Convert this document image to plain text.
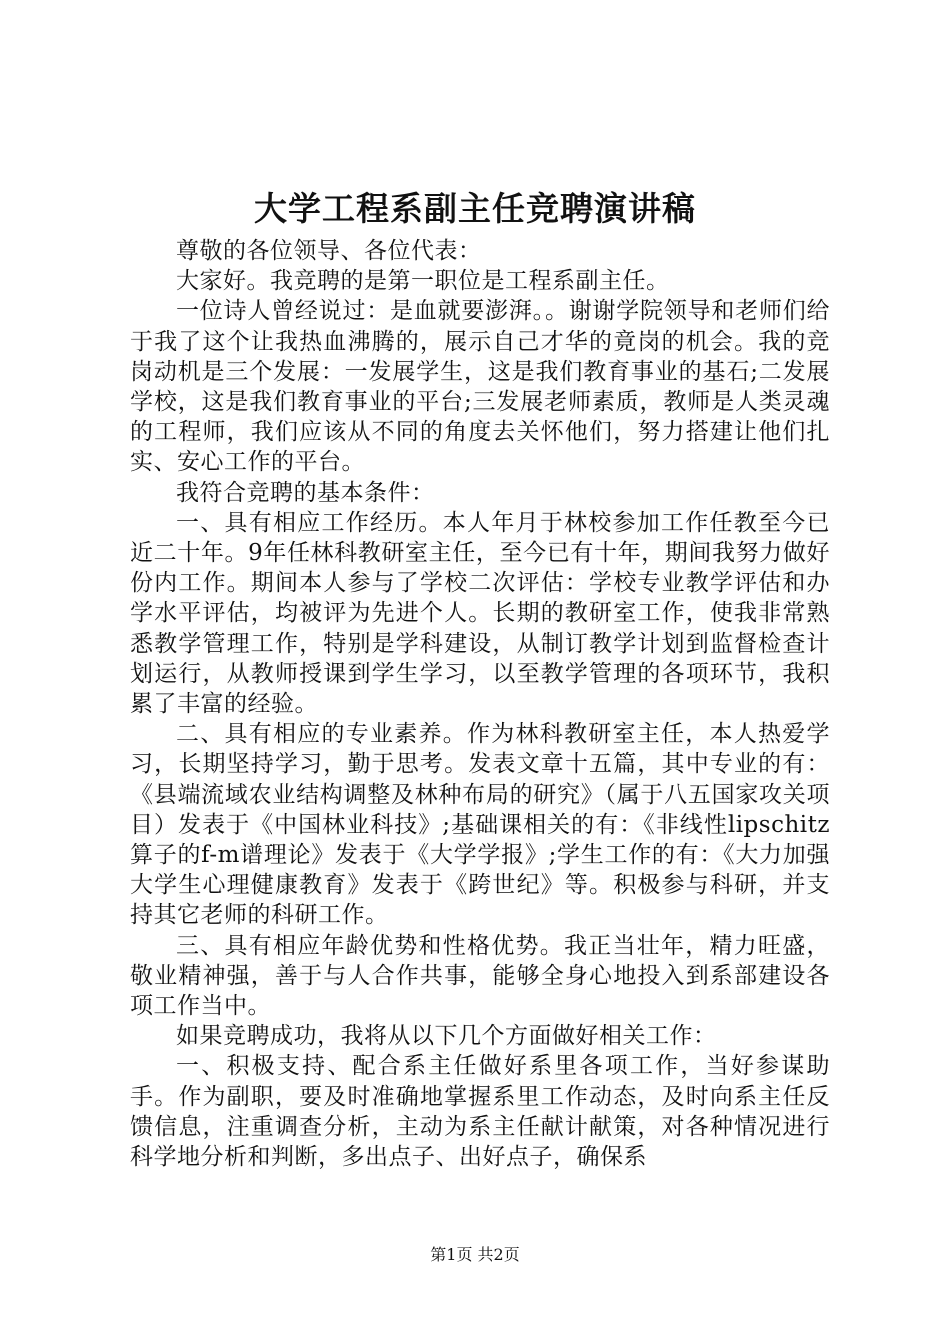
大学工程系副主任竞聘演讲稿

尊敬的各位领导、各位代表：

大家好。我竞聘的是第一职位是工程系副主任。

一位诗人曾经说过：是血就要澎湃。。谢谢学院领导和老师们给于我了这个让我热血沸腾的，展示自己才华的竟岗的机会。我的竞岗动机是三个发展：一发展学生，这是我们教育事业的基石;二发展学校，这是我们教育事业的平台;三发展老师素质，教师是人类灵魂的工程师，我们应该从不同的角度去关怀他们，努力搭建让他们扎实、安心工作的平台。

我符合竞聘的基本条件：

一、具有相应工作经历。本人年月于林校参加工作任教至今已近二十年。9年任林科教研室主任，至今已有十年，期间我努力做好份内工作。期间本人参与了学校二次评估：学校专业教学评估和办学水平评估，均被评为先进个人。长期的教研室工作，使我非常熟悉教学管理工作，特别是学科建设，从制订教学计划到监督检查计划运行，从教师授课到学生学习，以至教学管理的各项环节，我积累了丰富的经验。

二、具有相应的专业素养。作为林科教研室主任，本人热爱学习，长期坚持学习，勤于思考。发表文章十五篇，其中专业的有：《县端流域农业结构调整及林种布局的研究》（属于八五国家攻关项目）发表于《中国林业科技》;基础课相关的有：《非线性lipschitz算子的f-m谱理论》发表于《大学学报》;学生工作的有：《大力加强大学生心理健康教育》发表于《跨世纪》等。积极参与科研，并支持其它老师的科研工作。

三、具有相应年龄优势和性格优势。我正当壮年，精力旺盛，敬业精神强，善于与人合作共事，能够全身心地投入到系部建设各项工作当中。

如果竞聘成功，我将从以下几个方面做好相关工作：

一、积极支持、配合系主任做好系里各项工作，当好参谋助手。作为副职，要及时准确地掌握系里工作动态，及时向系主任反馈信息，注重调查分析，主动为系主任献计献策，对各种情况进行科学地分析和判断，多出点子、出好点子，确保系

第1页 共2页
